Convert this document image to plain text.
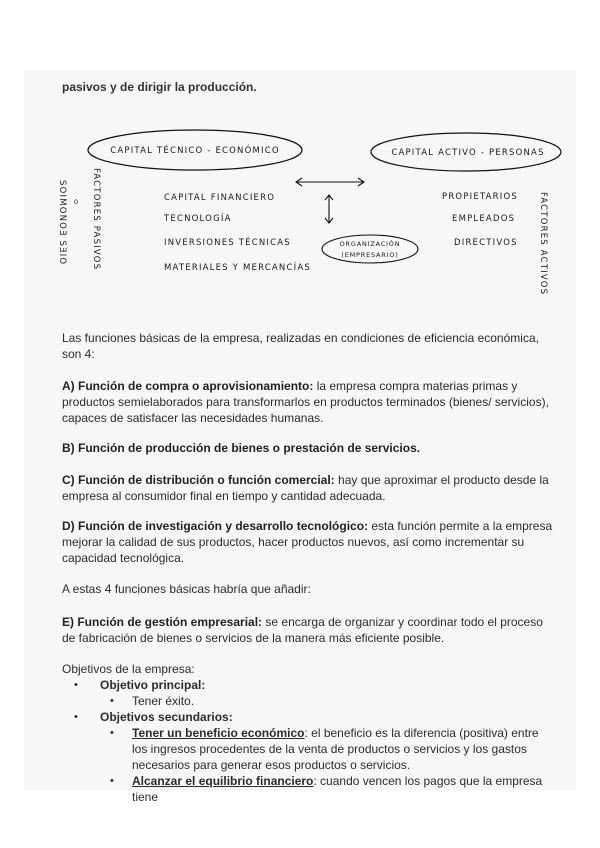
pasivos y de dirigir la producción.
CAPITAL TÉCNICO - ECONÓMICO	CAPITAL ACTIVO - PERSONAS
CAPITAL FINANCIERO
TECNOLOGÍA
INVERSIONES TÉCNICAS
MATERIALES Y MERCANCÍAS
PROPIETARIOS
EMPLEADOS
DIRECTIVOS
ORGANIZACIÓN
(EMPRESARIO)
FACTORES PASIVOS
SOIMONOƎ SƎIO 0	FACTORES ACTIVOS
Las funciones básicas de la empresa, realizadas en condiciones de eficiencia económica, son 4:
A) Función de compra o aprovisionamiento: la empresa compra materias primas y productos semielaborados para transformarlos en productos terminados (bienes/ servicios), capaces de satisfacer las necesidades humanas.
B) Función de producción de bienes o prestación de servicios.
C) Función de distribución o función comercial: hay que aproximar el producto desde la empresa al consumidor final en tiempo y cantidad adecuada.
D) Función de investigación y desarrollo tecnológico: esta función permite a la empresa mejorar la calidad de sus productos, hacer productos nuevos, así como incrementar su capacidad tecnológica.
A estas 4 funciones básicas habría que añadir:
E) Función de gestión empresarial: se encarga de organizar y coordinar todo el proceso de fabricación de bienes o servicios de la manera más eficiente posible.
Objetivos de la empresa:
• Objetivo principal:
• Tener éxito.
• Objetivos secundarios:
• Tener un beneficio económico: el beneficio es la diferencia (positiva) entre los ingresos procedentes de la venta de productos o servicios y los gastos necesarios para generar esos productos o servicios.
• Alcanzar el equilibrio financiero: cuando vencen los pagos que la empresa tiene
